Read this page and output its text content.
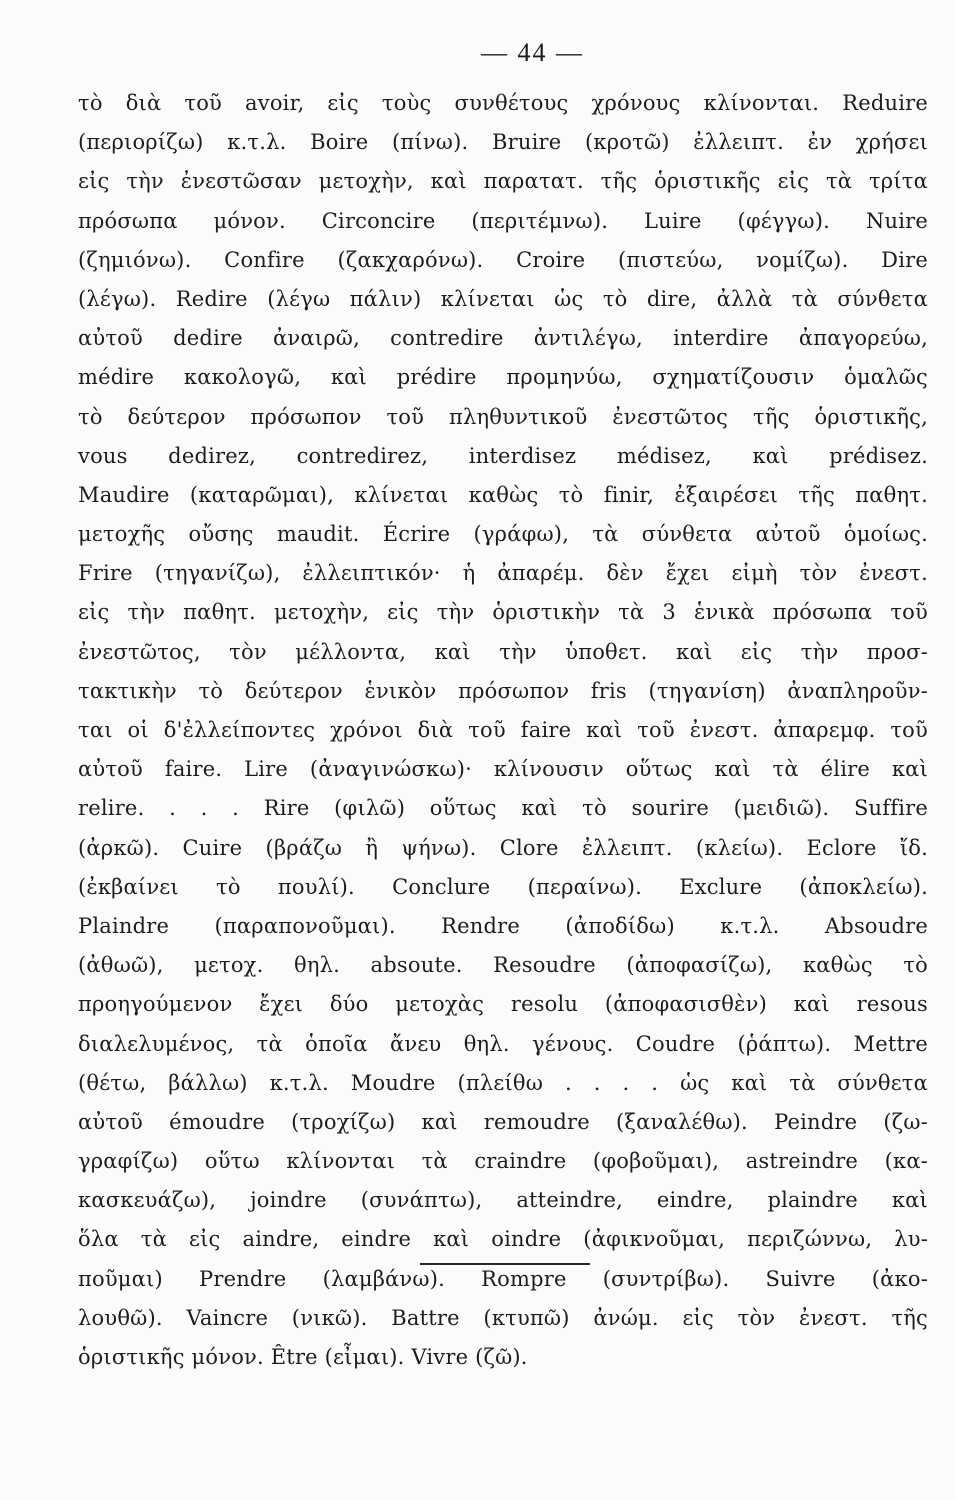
— 44 —
τὸ διὰ τοῦ avoir, εἰς τοὺς συνθέτους χρόνους κλίνονται. Reduire
(περιορίζω) κ.τ.λ. Boire (πίνω). Bruire (κροτῶ) ἐλλειπτ. ἐν χρήσει
εἰς τὴν ἐνεστῶσαν μετοχὴν, καὶ παρατατ. τῆς ὁριστικῆς εἰς τὰ τρίτα
πρόσωπα μόνον. Circoncire (περιτέμνω). Luire (φέγγω). Nuire
(ζημιόνω). Confire (ζακχαρόνω). Croire (πιστεύω, νομίζω). Dire
(λέγω). Redire (λέγω πάλιν) κλίνεται ὡς τὸ dire, ἀλλὰ τὰ σύνθετα
αὐτοῦ dedire ἀναιρῶ, contredire ἀντιλέγω, interdire ἀπαγορεύω,
médire κακολογῶ, καὶ prédire προμηνύω, σχηματίζουσιν ὁμαλῶς
τὸ δεύτερον πρόσωπον τοῦ πληθυντικοῦ ἐνεστῶτος τῆς ὁριστικῆς,
vous dedirez, contredirez, interdisez médisez, καὶ prédisez.
Maudire (καταρῶμαι), κλίνεται καθὼς τὸ finir, ἐξαιρέσει τῆς παθητ.
μετοχῆς οὔσης maudit. Écrire (γράφω), τὰ σύνθετα αὐτοῦ ὁμοίως.
Frire (τηγανίζω), ἐλλειπτικόν· ἡ ἀπαρέμ. δὲν ἔχει εἰμὴ τὸν ἐνεστ.
εἰς τὴν παθητ. μετοχὴν, εἰς τὴν ὁριστικὴν τὰ 3 ἑνικὰ πρόσωπα τοῦ
ἐνεστῶτος, τὸν μέλλοντα, καὶ τὴν ὑποθετ. καὶ εἰς τὴν προσ-
τακτικὴν τὸ δεύτερον ἑνικὸν πρόσωπον fris (τηγανίση) ἀναπληροῦν-
ται οἱ δ'ἐλλείποντες χρόνοι διὰ τοῦ faire καὶ τοῦ ἐνεστ. ἀπαρεμφ. τοῦ
αὐτοῦ faire. Lire (ἀναγινώσκω)· κλίνουσιν οὕτως καὶ τὰ élire καὶ
relire. . . . Rire (φιλῶ) οὕτως καὶ τὸ sourire (μειδιῶ). Suffire
(ἀρκῶ). Cuire (βράζω ἢ ψήνω). Clore ἐλλειπτ. (κλείω). Eclore ἴδ.
(ἐκβαίνει τὸ πουλί). Conclure (περαίνω). Exclure (ἀποκλείω).
Plaindre (παραπονοῦμαι). Rendre (ἀποδίδω) κ.τ.λ. Absoudre
(ἀθωῶ), μετοχ. θηλ. absoute. Resoudre (ἀποφασίζω), καθὼς τὸ
προηγούμενον ἔχει δύο μετοχὰς resolu (ἀποφασισθὲν) καὶ resous
διαλελυμένος, τὰ ὁποῖα ἄνευ θηλ. γένους. Coudre (ῥάπτω). Mettre
(θέτω, βάλλω) κ.τ.λ. Moudre (πλείθω . . . . ὡς καὶ τὰ σύνθετα
αὐτοῦ émoudre (τροχίζω) καὶ remoudre (ξαναλέθω). Peindre (ζω-
γραφίζω) οὕτω κλίνονται τὰ craindre (φοβοῦμαι), astreindre (κα-
κασκευάζω), joindre (συνάπτω), atteindre, eindre, plaindre καὶ
ὅλα τὰ εἰς aindre, eindre καὶ oindre (ἀφικνοῦμαι, περιζώννω, λυ-
ποῦμαι) Prendre (λαμβάνω). Rompre (συντρίβω). Suivre (ἀκο-
λουθῶ). Vaincre (νικῶ). Battre (κτυπῶ) ἀνώμ. εἰς τὸν ἐνεστ. τῆς
ὁριστικῆς μόνον. Être (εἶμαι). Vivre (ζῶ).
